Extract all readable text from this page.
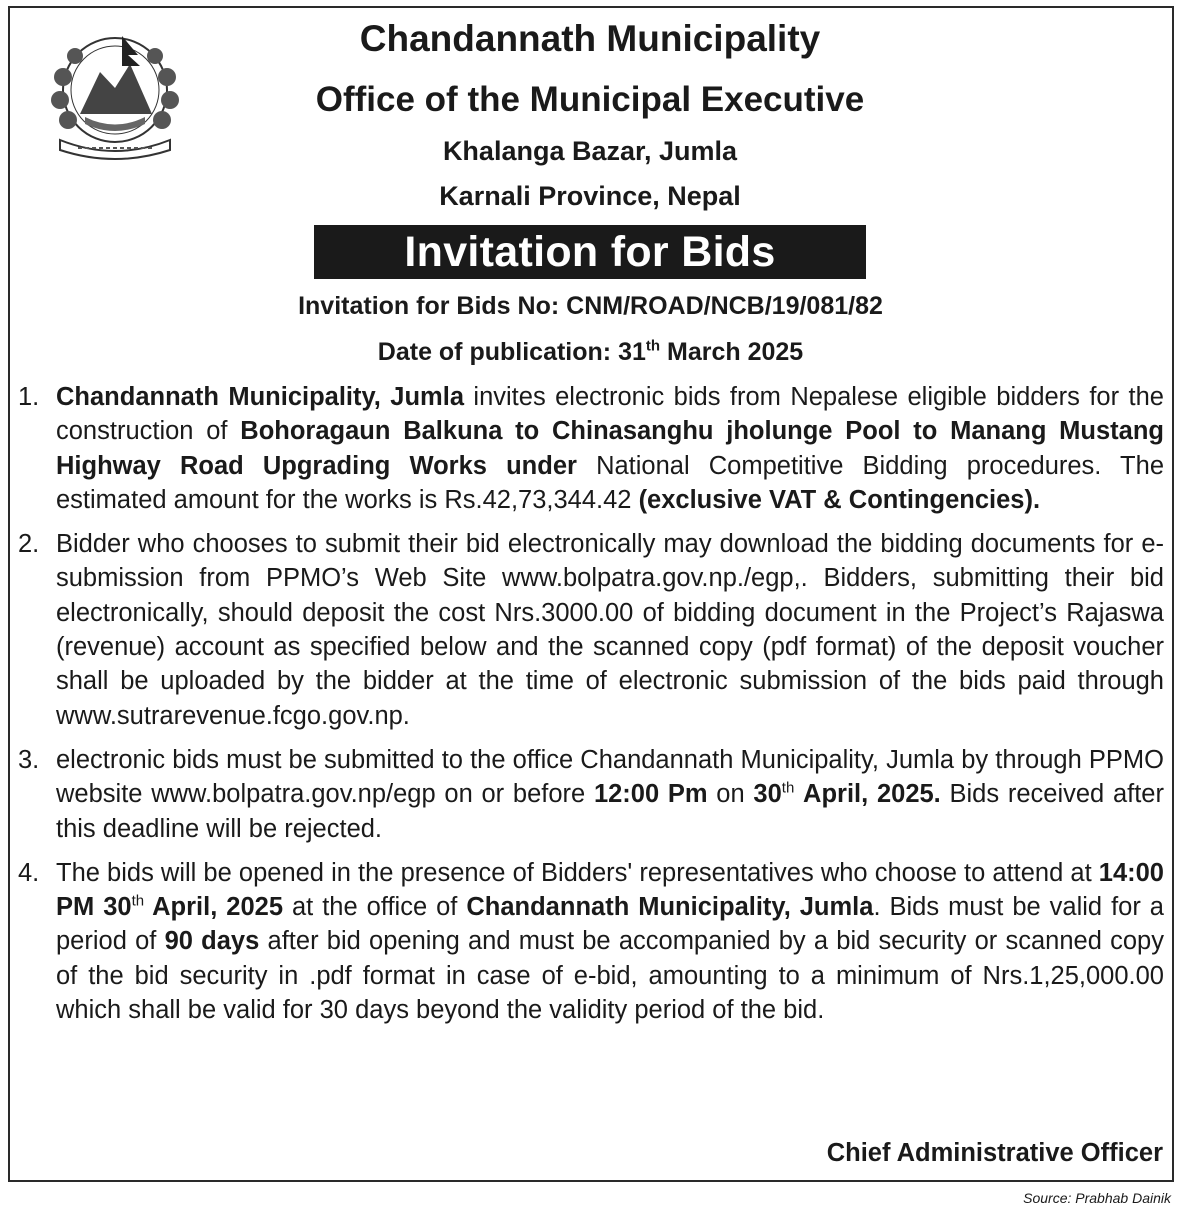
Chandannath Municipality

Office of the Municipal Executive

Khalanga Bazar, Jumla

Karnali Province, Nepal

Invitation for Bids

Invitation for Bids No: CNM/ROAD/NCB/19/081/82

Date of publication: 31th March 2025

1. Chandannath Municipality, Jumla invites electronic bids from Nepalese eligible bidders for the construction of Bohoragaun Balkuna to Chinasanghu jholunge Pool to Manang Mustang Highway Road Upgrading Works under National Competitive Bidding procedures. The estimated amount for the works is Rs.42,73,344.42 (exclusive VAT & Contingencies).
2. Bidder who chooses to submit their bid electronically may download the bidding documents for e-submission from PPMO’s Web Site www.bolpatra.gov.np./egp,. Bidders, submitting their bid electronically, should deposit the cost Nrs.3000.00 of bidding document in the Project’s Rajaswa (revenue) account as specified below and the scanned copy (pdf format) of the deposit voucher shall be uploaded by the bidder at the time of electronic submission of the bids paid through www.sutrarevenue.fcgo.gov.np.
3. electronic bids must be submitted to the office Chandannath Municipality, Jumla by through PPMO website www.bolpatra.gov.np/egp on or before 12:00 Pm on 30th April, 2025. Bids received after this deadline will be rejected.
4. The bids will be opened in the presence of Bidders' representatives who choose to attend at 14:00 PM 30th April, 2025 at the office of Chandannath Municipality, Jumla. Bids must be valid for a period of 90 days after bid opening and must be accompanied by a bid security or scanned copy of the bid security in .pdf format in case of e-bid, amounting to a minimum of Nrs.1,25,000.00 which shall be valid for 30 days beyond the validity period of the bid.

Chief Administrative Officer

Source: Prabhab Dainik
